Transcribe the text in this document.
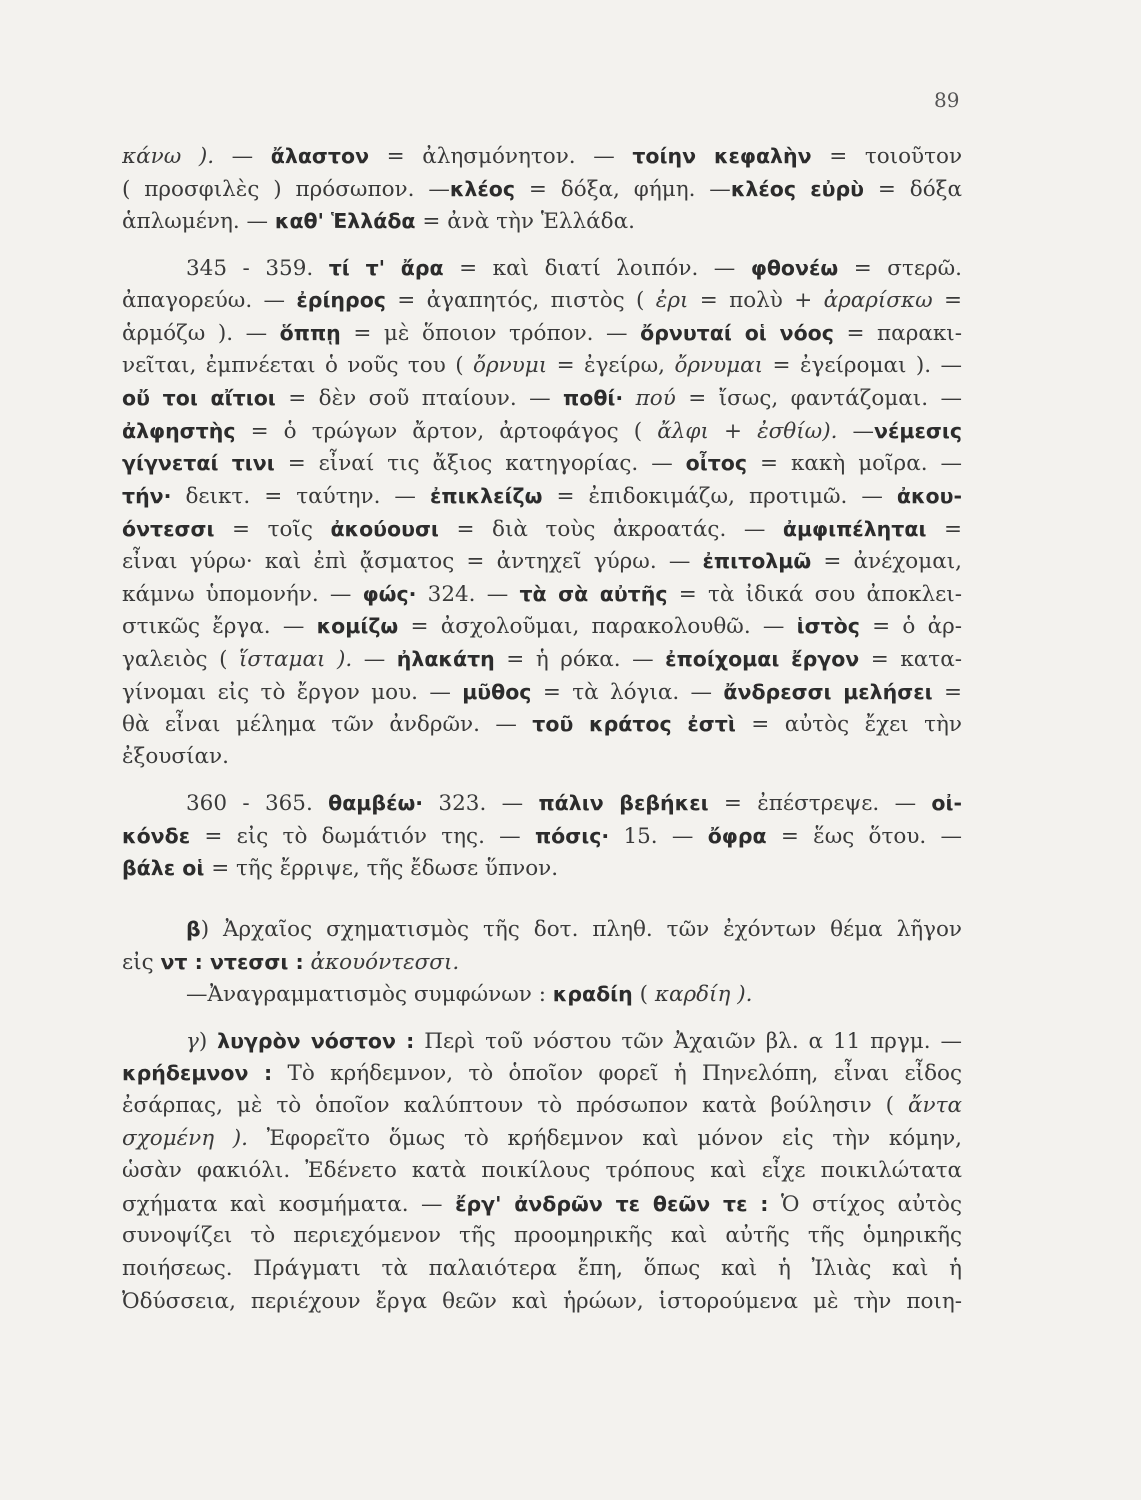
89
κάνω ). — ἄλαστον = ἀλησμόνητον. — τοίην κεφαλὴν = τοιοῦτον
( προσφιλὲς ) πρόσωπον. —κλέος = δόξα, φήμη. —κλέος εὐρὺ = δόξα
ἁπλωμένη. — καθ' Ἑλλάδα = ἀνὰ τὴν Ἑλλάδα.
345 - 359. τί τ' ἄρα = καὶ διατί λοιπόν. — φθονέω = στερῶ.
ἀπαγορεύω. — ἐρίηρος = ἀγαπητός, πιστὸς ( ἐρι = πολὺ + ἀραρίσκω =
ἁρμόζω ). — ὅππῃ = μὲ ὅποιον τρόπον. — ὄρνυταί οἱ νόος = παρακι-
νεῖται, ἐμπνέεται ὁ νοῦς του ( ὄρνυμι = ἐγείρω, ὄρνυμαι = ἐγείρομαι ). —
οὔ τοι αἴτιοι = δὲν σοῦ πταίουν. — ποθί· πού = ἴσως, φαντάζομαι. —
ἀλφηστὴς = ὁ τρώγων ἄρτον, ἀρτοφάγος ( ἄλφι + ἐσθίω). —νέμεσις
γίγνεταί τινι = εἶναί τις ἄξιος κατηγορίας. — οἶτος = κακὴ μοῖρα. —
τήν· δεικτ. = ταύτην. — ἐπικλείζω = ἐπιδοκιμάζω, προτιμῶ. — ἀκου-
όντεσσι = τοῖς ἀκούουσι = διὰ τοὺς ἀκροατάς. — ἀμφιπέληται =
εἶναι γύρω· καὶ ἐπὶ ᾄσματος = ἀντηχεῖ γύρω. — ἐπιτολμῶ = ἀνέχομαι,
κάμνω ὑπομονήν. — φώς· 324. — τὰ σὰ αὐτῆς = τὰ ἰδικά σου ἀποκλει-
στικῶς ἔργα. — κομίζω = ἀσχολοῦμαι, παρακολουθῶ. — ἱστὸς = ὁ ἀρ-
γαλειὸς ( ἵσταμαι ). — ἠλακάτη = ἡ ρόκα. — ἐποίχομαι ἔργον = κατα-
γίνομαι εἰς τὸ ἔργον μου. — μῦθος = τὰ λόγια. — ἄνδρεσσι μελήσει =
θὰ εἶναι μέλημα τῶν ἀνδρῶν. — τοῦ κράτος ἐστὶ = αὐτὸς ἔχει τὴν
ἐξουσίαν.
360 - 365. θαμβέω· 323. — πάλιν βεβήκει = ἐπέστρεψε. — οἰ-
κόνδε = εἰς τὸ δωμάτιόν της. — πόσις· 15. — ὄφρα = ἕως ὅτου. —
βάλε οἱ = τῆς ἔρριψε, τῆς ἔδωσε ὕπνον.
β) Ἀρχαῖος σχηματισμὸς τῆς δοτ. πληθ. τῶν ἐχόντων θέμα λῆγον
εἰς ντ : ντεσσι : ἀκουόντεσσι.
—Ἀναγραμματισμὸς συμφώνων : κραδίη ( καρδίη ).
γ) λυγρὸν νόστον : Περὶ τοῦ νόστου τῶν Ἀχαιῶν βλ. α 11 πργμ. —
κρήδεμνον : Τὸ κρήδεμνον, τὸ ὁποῖον φορεῖ ἡ Πηνελόπη, εἶναι εἶδος
ἐσάρπας, μὲ τὸ ὁποῖον καλύπτουν τὸ πρόσωπον κατὰ βούλησιν ( ἄντα
σχομένη ). Ἐφορεῖτο ὅμως τὸ κρήδεμνον καὶ μόνον εἰς τὴν κόμην,
ὡσὰν φακιόλι. Ἐδένετο κατὰ ποικίλους τρόπους καὶ εἶχε ποικιλώτατα
σχήματα καὶ κοσμήματα. — ἔργ' ἀνδρῶν τε θεῶν τε : Ὁ στίχος αὐτὸς
συνοψίζει τὸ περιεχόμενον τῆς προομηρικῆς καὶ αὐτῆς τῆς ὁμηρικῆς
ποιήσεως. Πράγματι τὰ παλαιότερα ἔπη, ὅπως καὶ ἡ Ἰλιὰς καὶ ἡ
Ὀδύσσεια, περιέχουν ἔργα θεῶν καὶ ἡρώων, ἱστορούμενα μὲ τὴν ποιη-
